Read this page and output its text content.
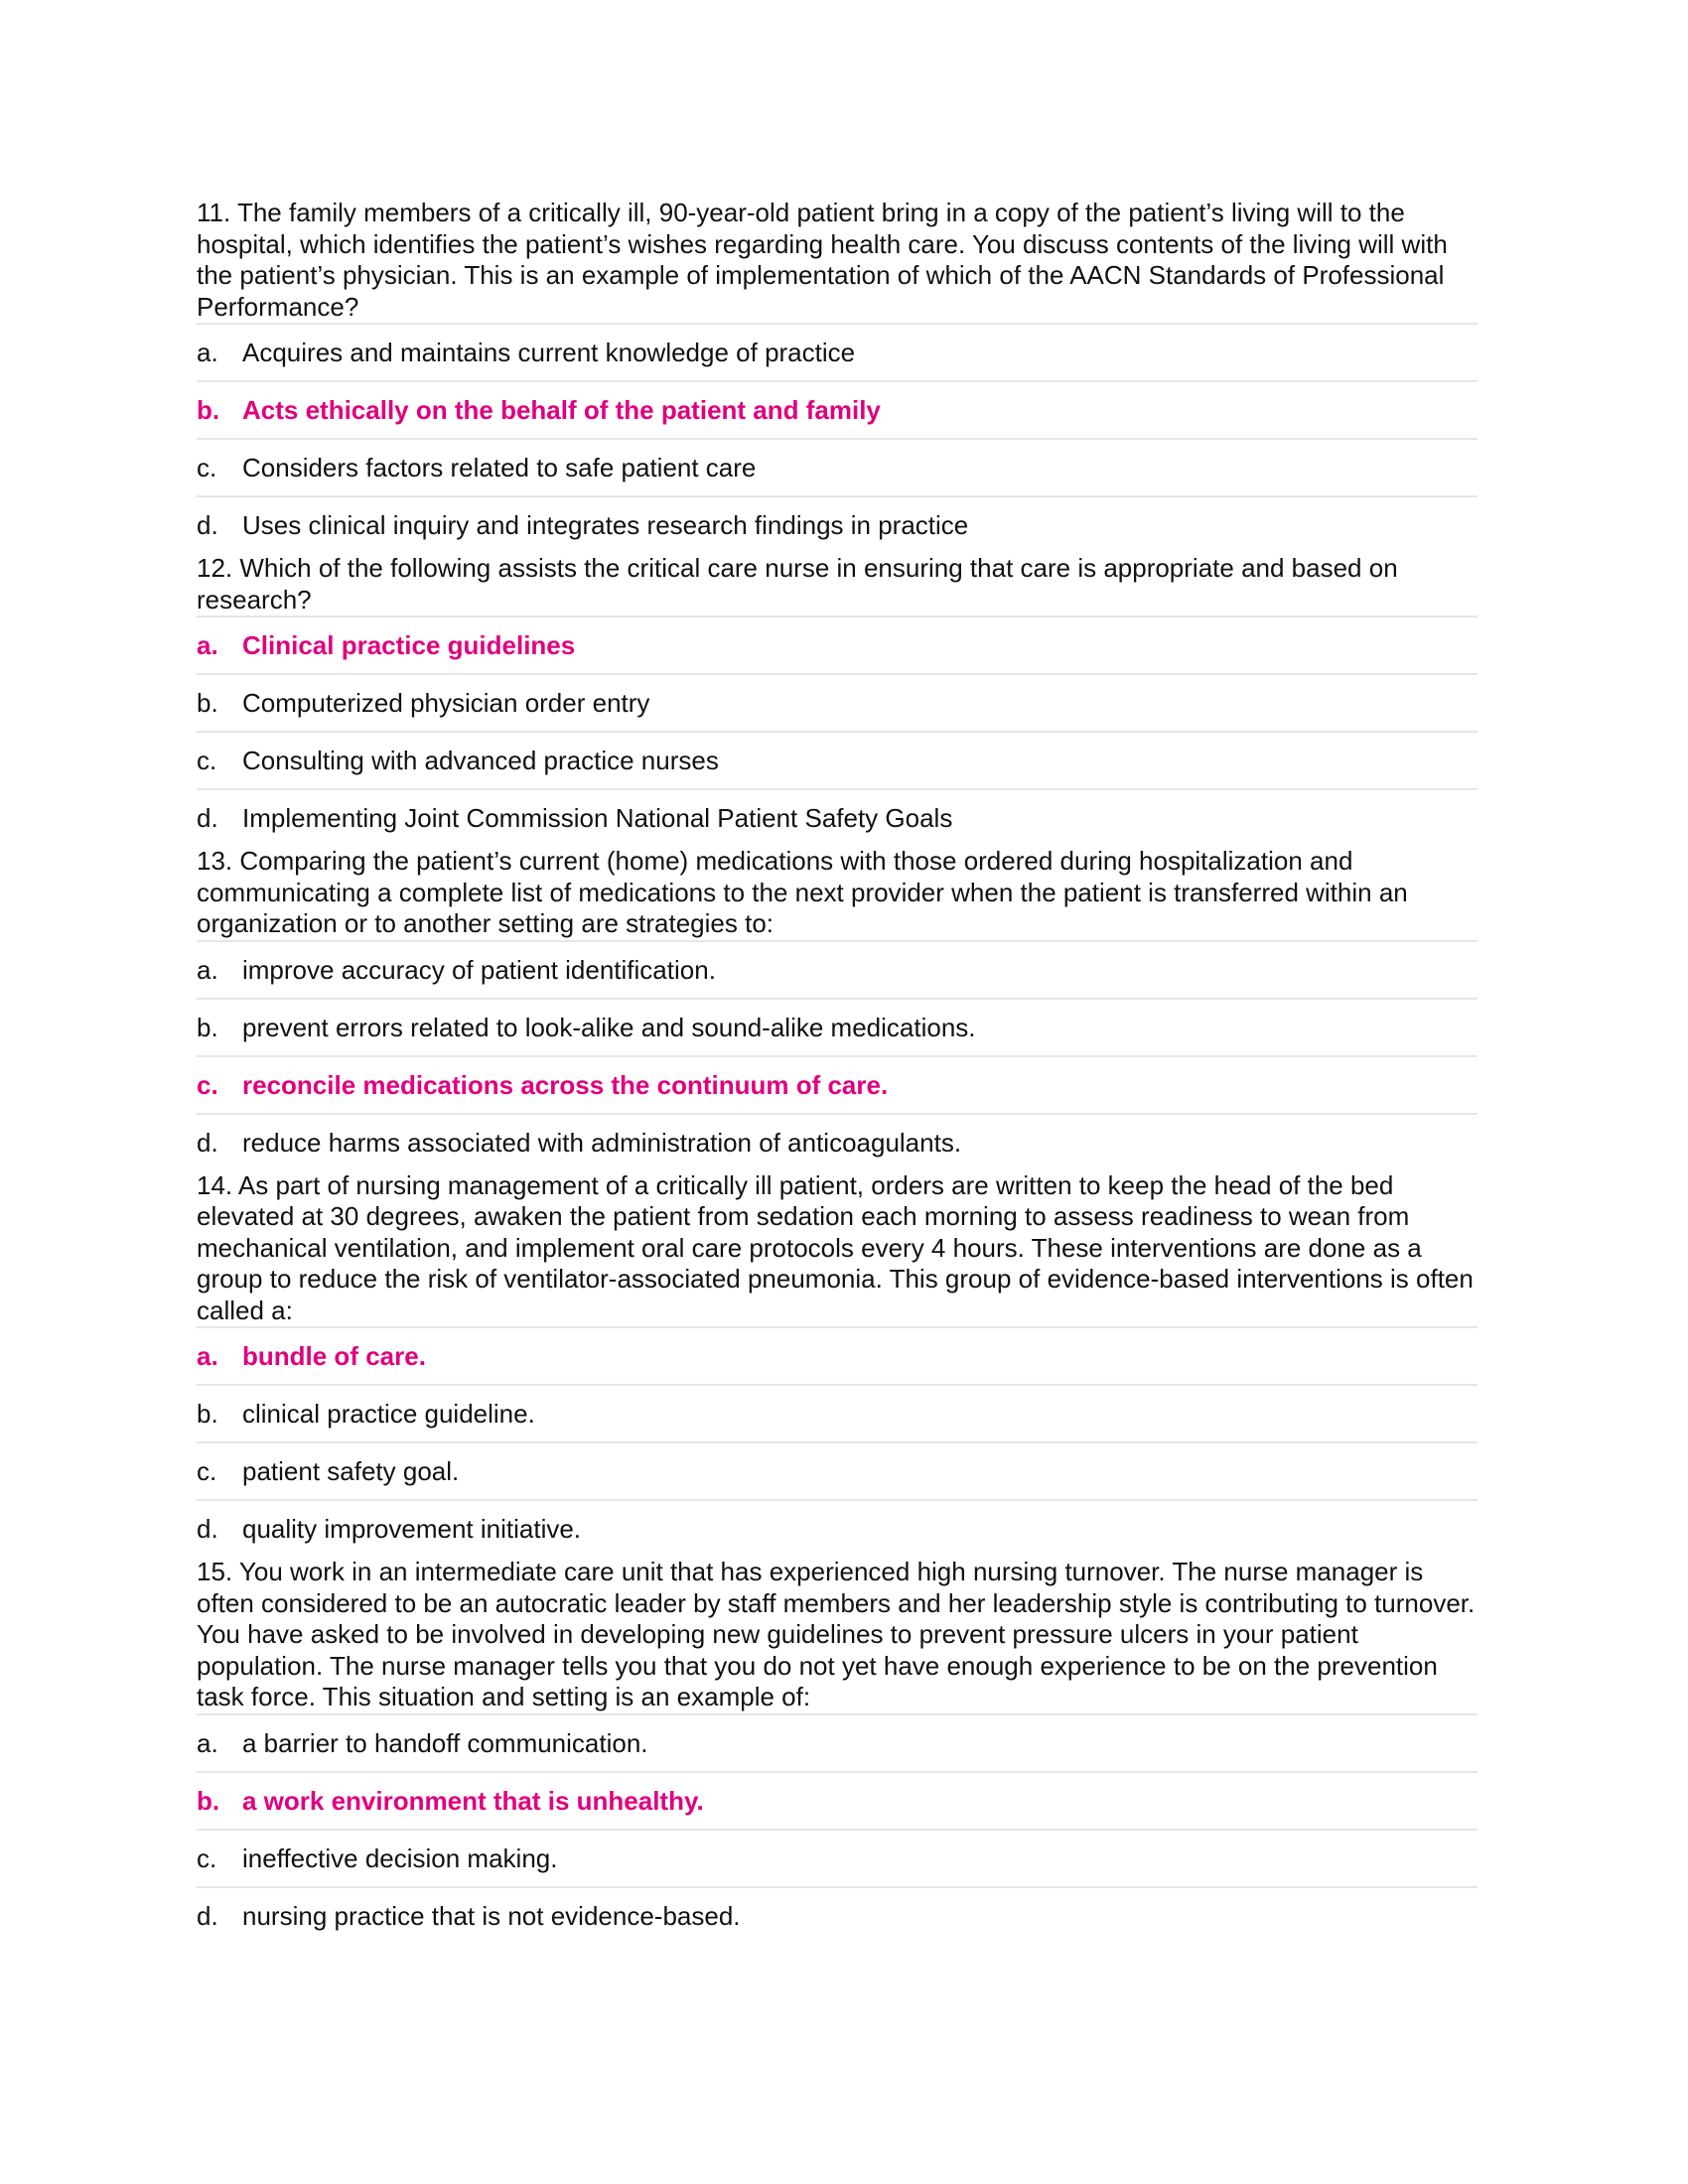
11. The family members of a critically ill, 90-year-old patient bring in a copy of the patient’s living will to the hospital, which identifies the patient’s wishes regarding health care. You discuss contents of the living will with the patient’s physician. This is an example of implementation of which of the AACN Standards of Professional Performance?

a. Acquires and maintains current knowledge of practice
b. Acts ethically on the behalf of the patient and family
c. Considers factors related to safe patient care
d. Uses clinical inquiry and integrates research findings in practice

12. Which of the following assists the critical care nurse in ensuring that care is appropriate and based on research?

a. Clinical practice guidelines
b. Computerized physician order entry
c. Consulting with advanced practice nurses
d. Implementing Joint Commission National Patient Safety Goals

13. Comparing the patient’s current (home) medications with those ordered during hospitalization and communicating a complete list of medications to the next provider when the patient is transferred within an organization or to another setting are strategies to:

a. improve accuracy of patient identification.
b. prevent errors related to look-alike and sound-alike medications.
c. reconcile medications across the continuum of care.
d. reduce harms associated with administration of anticoagulants.

14. As part of nursing management of a critically ill patient, orders are written to keep the head of the bed elevated at 30 degrees, awaken the patient from sedation each morning to assess readiness to wean from mechanical ventilation, and implement oral care protocols every 4 hours. These interventions are done as a group to reduce the risk of ventilator-associated pneumonia. This group of evidence-based interventions is often called a:

a. bundle of care.
b. clinical practice guideline.
c. patient safety goal.
d. quality improvement initiative.

15. You work in an intermediate care unit that has experienced high nursing turnover. The nurse manager is often considered to be an autocratic leader by staff members and her leadership style is contributing to turnover. You have asked to be involved in developing new guidelines to prevent pressure ulcers in your patient population. The nurse manager tells you that you do not yet have enough experience to be on the prevention task force. This situation and setting is an example of:

a. a barrier to handoff communication.
b. a work environment that is unhealthy.
c. ineffective decision making.
d. nursing practice that is not evidence-based.
